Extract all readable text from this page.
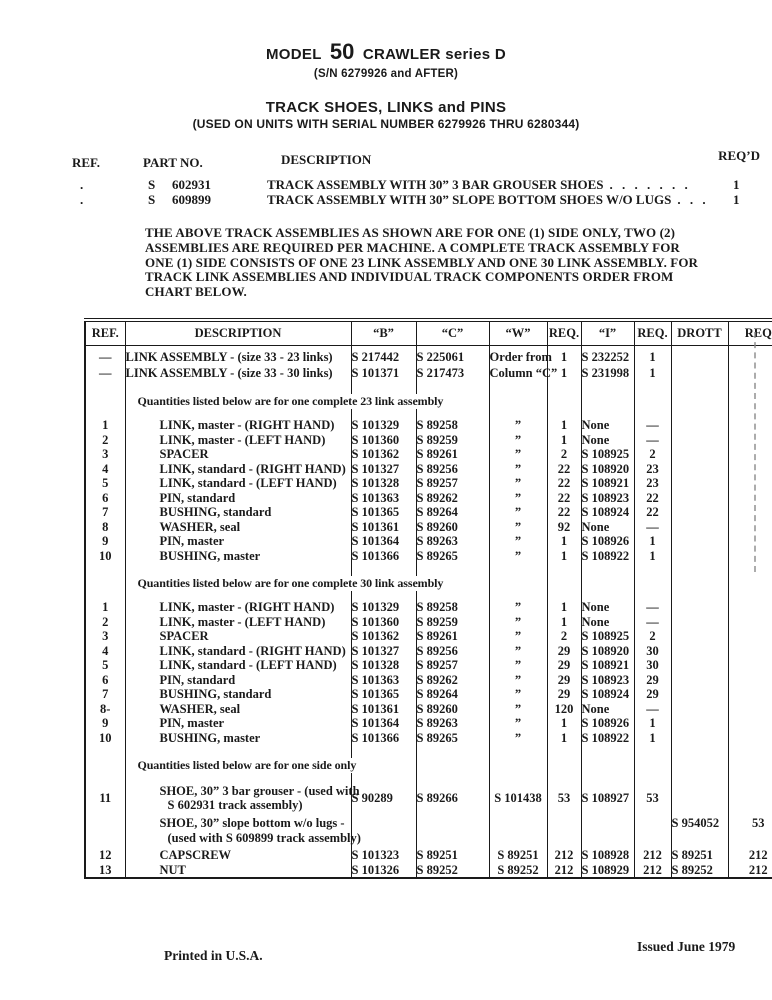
MODEL 50 CRAWLER series D
(S/N 6279926 and AFTER)
TRACK SHOES, LINKS and PINS
(USED ON UNITS WITH SERIAL NUMBER 6279926 THRU 6280344)
REF.	PART NO.	DESCRIPTION	REQ’D
.	S 602931	TRACK ASSEMBLY WITH 30” 3 BAR GROUSER SHOES . . . . . . .	1
.	S 609899	TRACK ASSEMBLY WITH 30” SLOPE BOTTOM SHOES W/O LUGS . . . 1
THE ABOVE TRACK ASSEMBLIES AS SHOWN ARE FOR ONE (1) SIDE ONLY, TWO (2) ASSEMBLIES ARE REQUIRED PER MACHINE. A COMPLETE TRACK ASSEMBLY FOR ONE (1) SIDE CONSISTS OF ONE 23 LINK ASSEMBLY AND ONE 30 LINK ASSEMBLY. FOR TRACK LINK ASSEMBLIES AND INDIVIDUAL TRACK COMPONENTS ORDER FROM CHART BELOW.
REF.	DESCRIPTION	“B”	“C”	“W”	REQ.	“I”	REQ.	DROTT	REQ
—	LINK ASSEMBLY - (size 33 - 23 links)	S 217442	S 225061	Order from	1	S 232252	1		
—	LINK ASSEMBLY - (size 33 - 30 links)	S 101371	S 217473	Column “C”	1	S 231998	1		

	Quantities listed below are for one complete 23 link assembly								

1	LINK, master - (RIGHT HAND)	S 101329	S 89258	”	1	None	—		
2	LINK, master - (LEFT HAND)	S 101360	S 89259	”	1	None	—		
3	SPACER	S 101362	S 89261	”	2	S 108925	2		
4	LINK, standard - (RIGHT HAND)	S 101327	S 89256	”	22	S 108920	23		
5	LINK, standard - (LEFT HAND)	S 101328	S 89257	”	22	S 108921	23		
6	PIN, standard	S 101363	S 89262	”	22	S 108923	22		
7	BUSHING, standard	S 101365	S 89264	”	22	S 108924	22		
8	WASHER, seal	S 101361	S 89260	”	92	None	—		
9	PIN, master	S 101364	S 89263	”	1	S 108926	1		
10	BUSHING, master	S 101366	S 89265	”	1	S 108922	1		

	Quantities listed below are for one complete 30 link assembly								

1	LINK, master - (RIGHT HAND)	S 101329	S 89258	”	1	None	—		
2	LINK, master - (LEFT HAND)	S 101360	S 89259	”	1	None	—		
3	SPACER	S 101362	S 89261	”	2	S 108925	2		
4	LINK, standard - (RIGHT HAND)	S 101327	S 89256	”	29	S 108920	30		
5	LINK, standard - (LEFT HAND)	S 101328	S 89257	”	29	S 108921	30		
6	PIN, standard	S 101363	S 89262	”	29	S 108923	29		
7	BUSHING, standard	S 101365	S 89264	”	29	S 108924	29		
8-	WASHER, seal	S 101361	S 89260	”	120	None	—		
9	PIN, master	S 101364	S 89263	”	1	S 108926	1		
10	BUSHING, master	S 101366	S 89265	”	1	S 108922	1		

	Quantities listed below are for one side only								

11	SHOE, 30” 3 bar grouser - (used with
S 602931 track assembly)	S 90289	S 89266	S 101438	53	S 108927	53		

	SHOE, 30” slope bottom w/o lugs -
(used with S 609899 track assembly)							S 954052	53
12	CAPSCREW	S 101323	S 89251	S 89251	212	S 108928	212	S 89251	212
13	NUT	S 101326	S 89252	S 89252	212	S 108929	212	S 89252	212
Printed in U.S.A.
Issued June 1979
